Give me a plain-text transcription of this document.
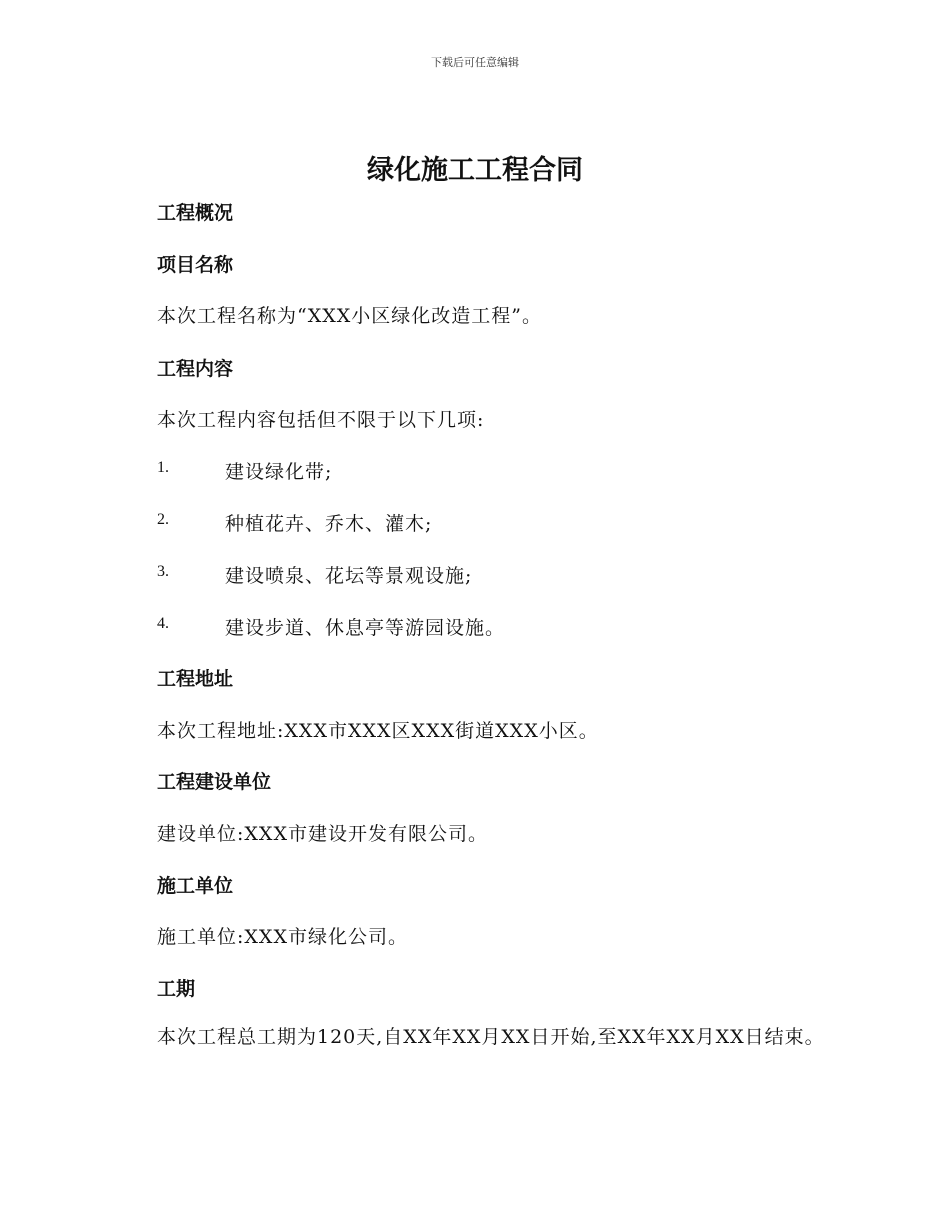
下载后可任意编辑
绿化施工工程合同
工程概况
项目名称
本次工程名称为“XXX小区绿化改造工程”。
工程内容
本次工程内容包括但不限于以下几项:
1.	建设绿化带;
2.	种植花卉、乔木、灌木;
3.	建设喷泉、花坛等景观设施;
4.	建设步道、休息亭等游园设施。
工程地址
本次工程地址:XXX市XXX区XXX街道XXX小区。
工程建设单位
建设单位:XXX市建设开发有限公司。
施工单位
施工单位:XXX市绿化公司。
工期
本次工程总工期为120天,自XX年XX月XX日开始,至XX年XX月XX日结束。
